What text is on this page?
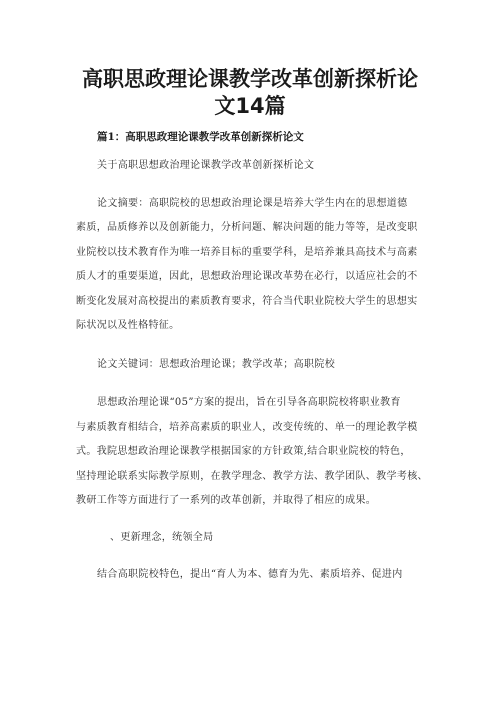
高职思政理论课教学改革创新探析论
文14篇
篇1：高职思政理论课教学改革创新探析论文
关于高职思想政治理论课教学改革创新探析论文
论文摘要：高职院校的思想政治理论课是培养大学生内在的思想道德
素质，品质修养以及创新能力，分析问题、解决问题的能力等等，是改变职
业院校以技术教育作为唯一培养目标的重要学科，是培养兼具高技术与高素
质人才的重要渠道，因此，思想政治理论课改革势在必行，以适应社会的不
断变化发展对高校提出的素质教育要求，符合当代职业院校大学生的思想实
际状况以及性格特征。
论文关键词：思想政治理论课；教学改革；高职院校
思想政治理论课“05”方案的提出，旨在引导各高职院校将职业教育
与素质教育相结合，培养高素质的职业人，改变传统的、单一的理论教学模
式。我院思想政治理论课教学根据国家的方针政策,结合职业院校的特色，
坚持理论联系实际教学原则，在教学理念、教学方法、教学团队、教学考核、
教研工作等方面进行了一系列的改革创新，并取得了相应的成果。
、更新理念，统领全局
结合高职院校特色，提出“育人为本、德育为先、素质培养、促进内
